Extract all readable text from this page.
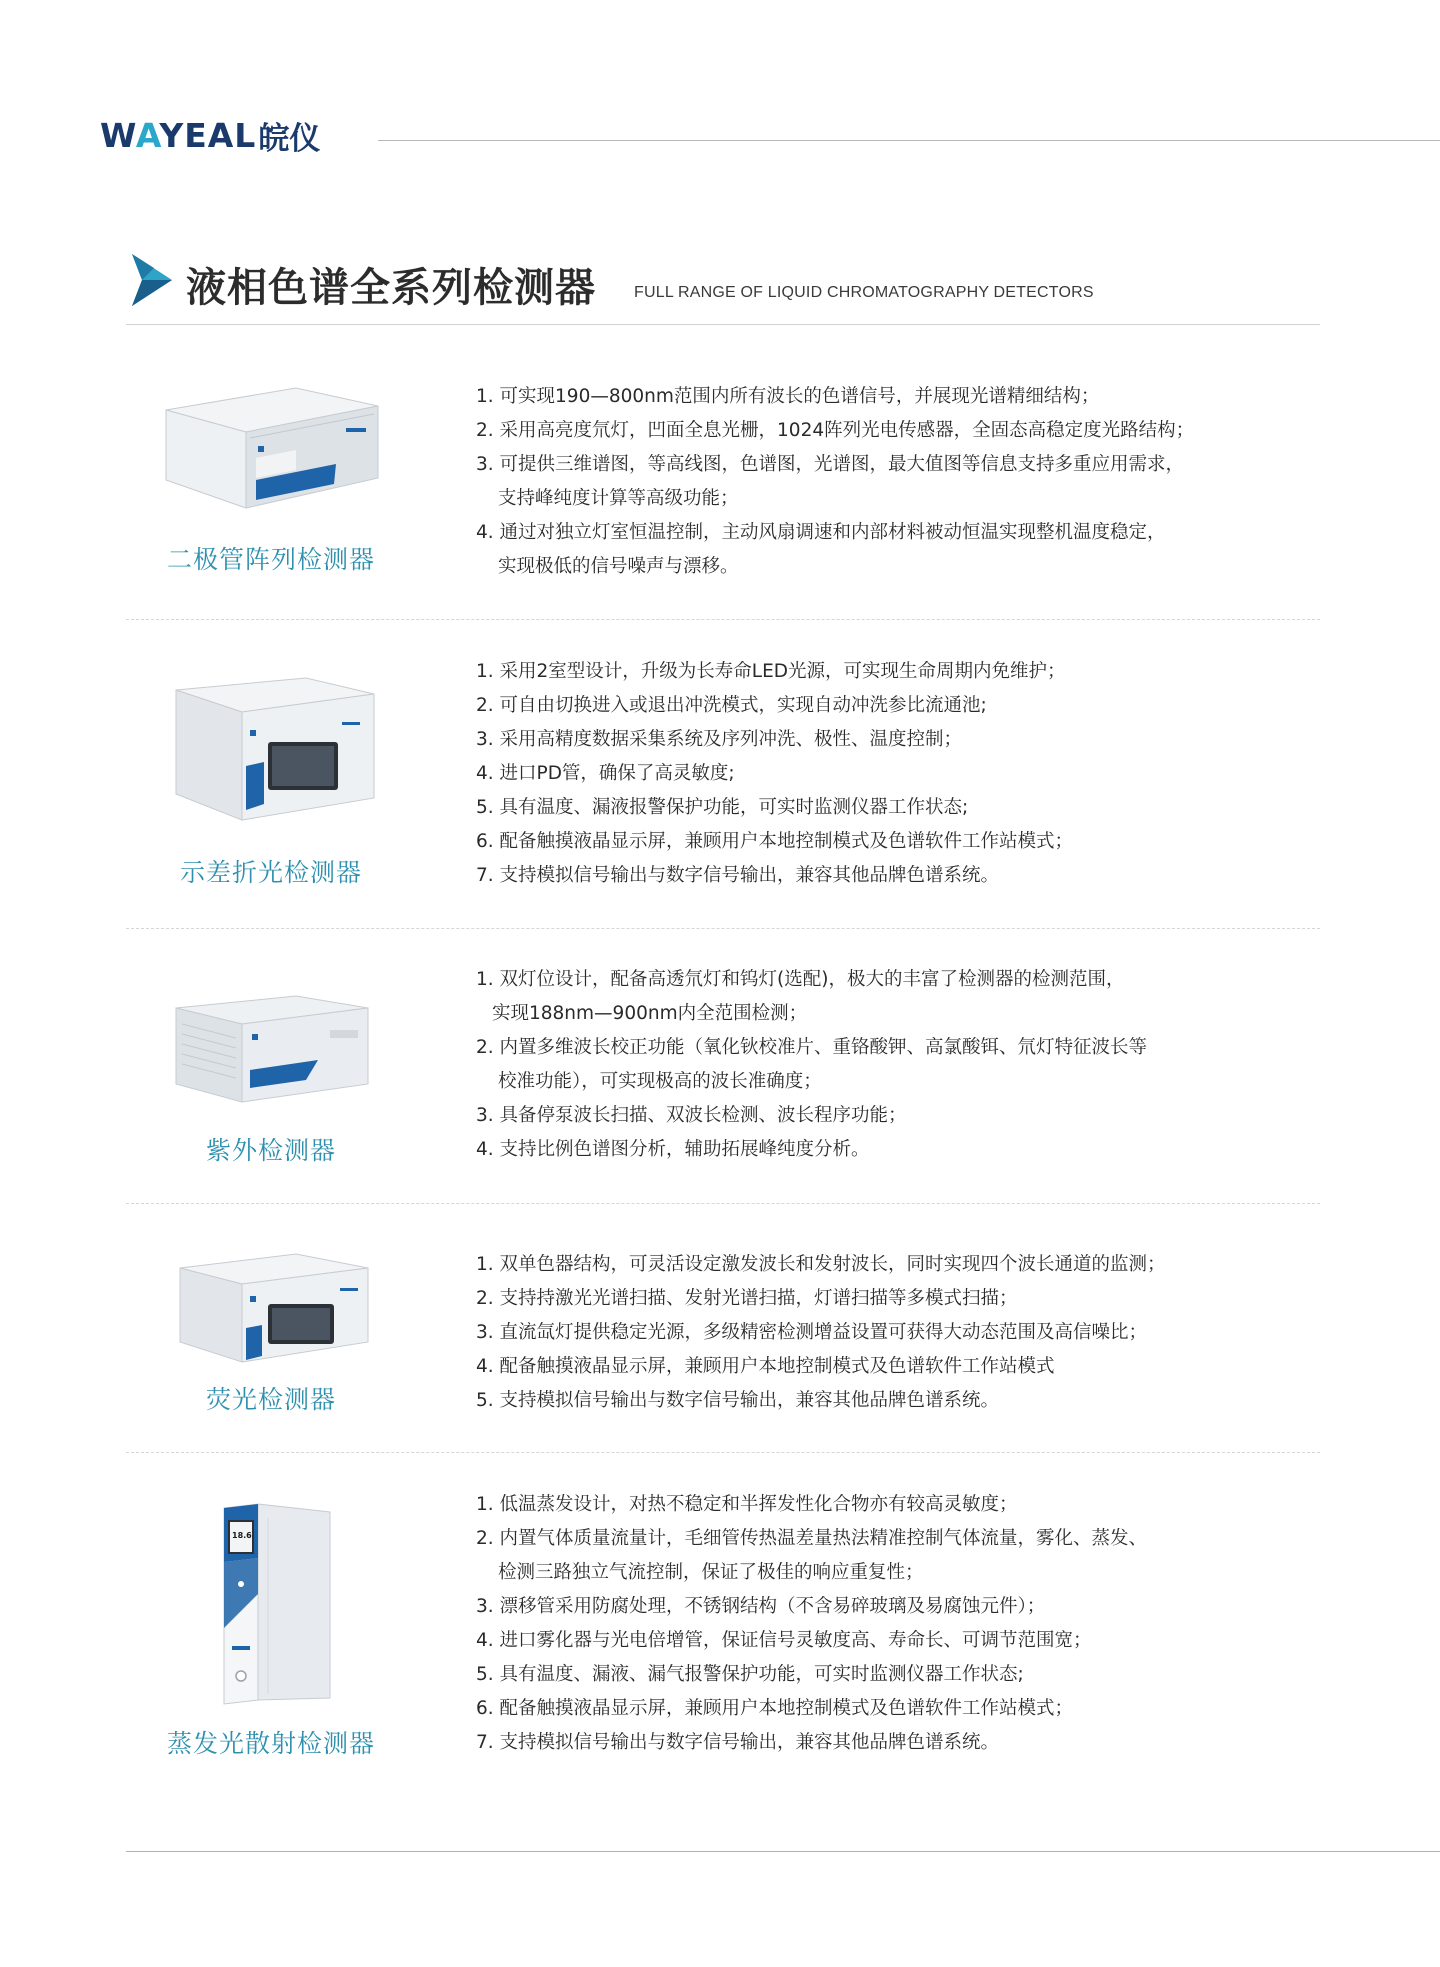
WAYEAL 皖仪
液相色谱全系列检测器 FULL RANGE OF LIQUID CHROMATOGRAPHY DETECTORS
二极管阵列检测器
1. 可实现190—800nm范围内所有波长的色谱信号，并展现光谱精细结构；
2. 采用高亮度氘灯，凹面全息光栅，1024阵列光电传感器，全固态高稳定度光路结构；
3. 可提供三维谱图，等高线图，色谱图，光谱图，最大值图等信息支持多重应用需求，
支持峰纯度计算等高级功能；
4. 通过对独立灯室恒温控制，主动风扇调速和内部材料被动恒温实现整机温度稳定，
实现极低的信号噪声与漂移。
示差折光检测器
1. 采用2室型设计，升级为长寿命LED光源，可实现生命周期内免维护；
2. 可自由切换进入或退出冲洗模式，实现自动冲洗参比流通池;
3. 采用高精度数据采集系统及序列冲洗、极性、温度控制；
4. 进口PD管，确保了高灵敏度;
5. 具有温度、漏液报警保护功能，可实时监测仪器工作状态;
6. 配备触摸液晶显示屏，兼顾用户本地控制模式及色谱软件工作站模式；
7. 支持模拟信号输出与数字信号输出，兼容其他品牌色谱系统。
紫外检测器
1. 双灯位设计，配备高透氘灯和钨灯(选配)，极大的丰富了检测器的检测范围，
实现188nm—900nm内全范围检测；
2. 内置多维波长校正功能（氧化钬校准片、重铬酸钾、高氯酸铒、氘灯特征波长等
校准功能），可实现极高的波长准确度；
3. 具备停泵波长扫描、双波长检测、波长程序功能；
4. 支持比例色谱图分析，辅助拓展峰纯度分析。
荧光检测器
1. 双单色器结构，可灵活设定激发波长和发射波长，同时实现四个波长通道的监测；
2. 支持持激光光谱扫描、发射光谱扫描，灯谱扫描等多模式扫描；
3. 直流氙灯提供稳定光源，多级精密检测增益设置可获得大动态范围及高信噪比；
4. 配备触摸液晶显示屏，兼顾用户本地控制模式及色谱软件工作站模式
5. 支持模拟信号输出与数字信号输出，兼容其他品牌色谱系统。
18.6
蒸发光散射检测器
1. 低温蒸发设计，对热不稳定和半挥发性化合物亦有较高灵敏度；
2. 内置气体质量流量计，毛细管传热温差量热法精准控制气体流量，雾化、蒸发、
检测三路独立气流控制，保证了极佳的响应重复性；
3. 漂移管采用防腐处理，不锈钢结构（不含易碎玻璃及易腐蚀元件）；
4. 进口雾化器与光电倍增管，保证信号灵敏度高、寿命长、可调节范围宽；
5. 具有温度、漏液、漏气报警保护功能，可实时监测仪器工作状态;
6. 配备触摸液晶显示屏，兼顾用户本地控制模式及色谱软件工作站模式；
7. 支持模拟信号输出与数字信号输出，兼容其他品牌色谱系统。
